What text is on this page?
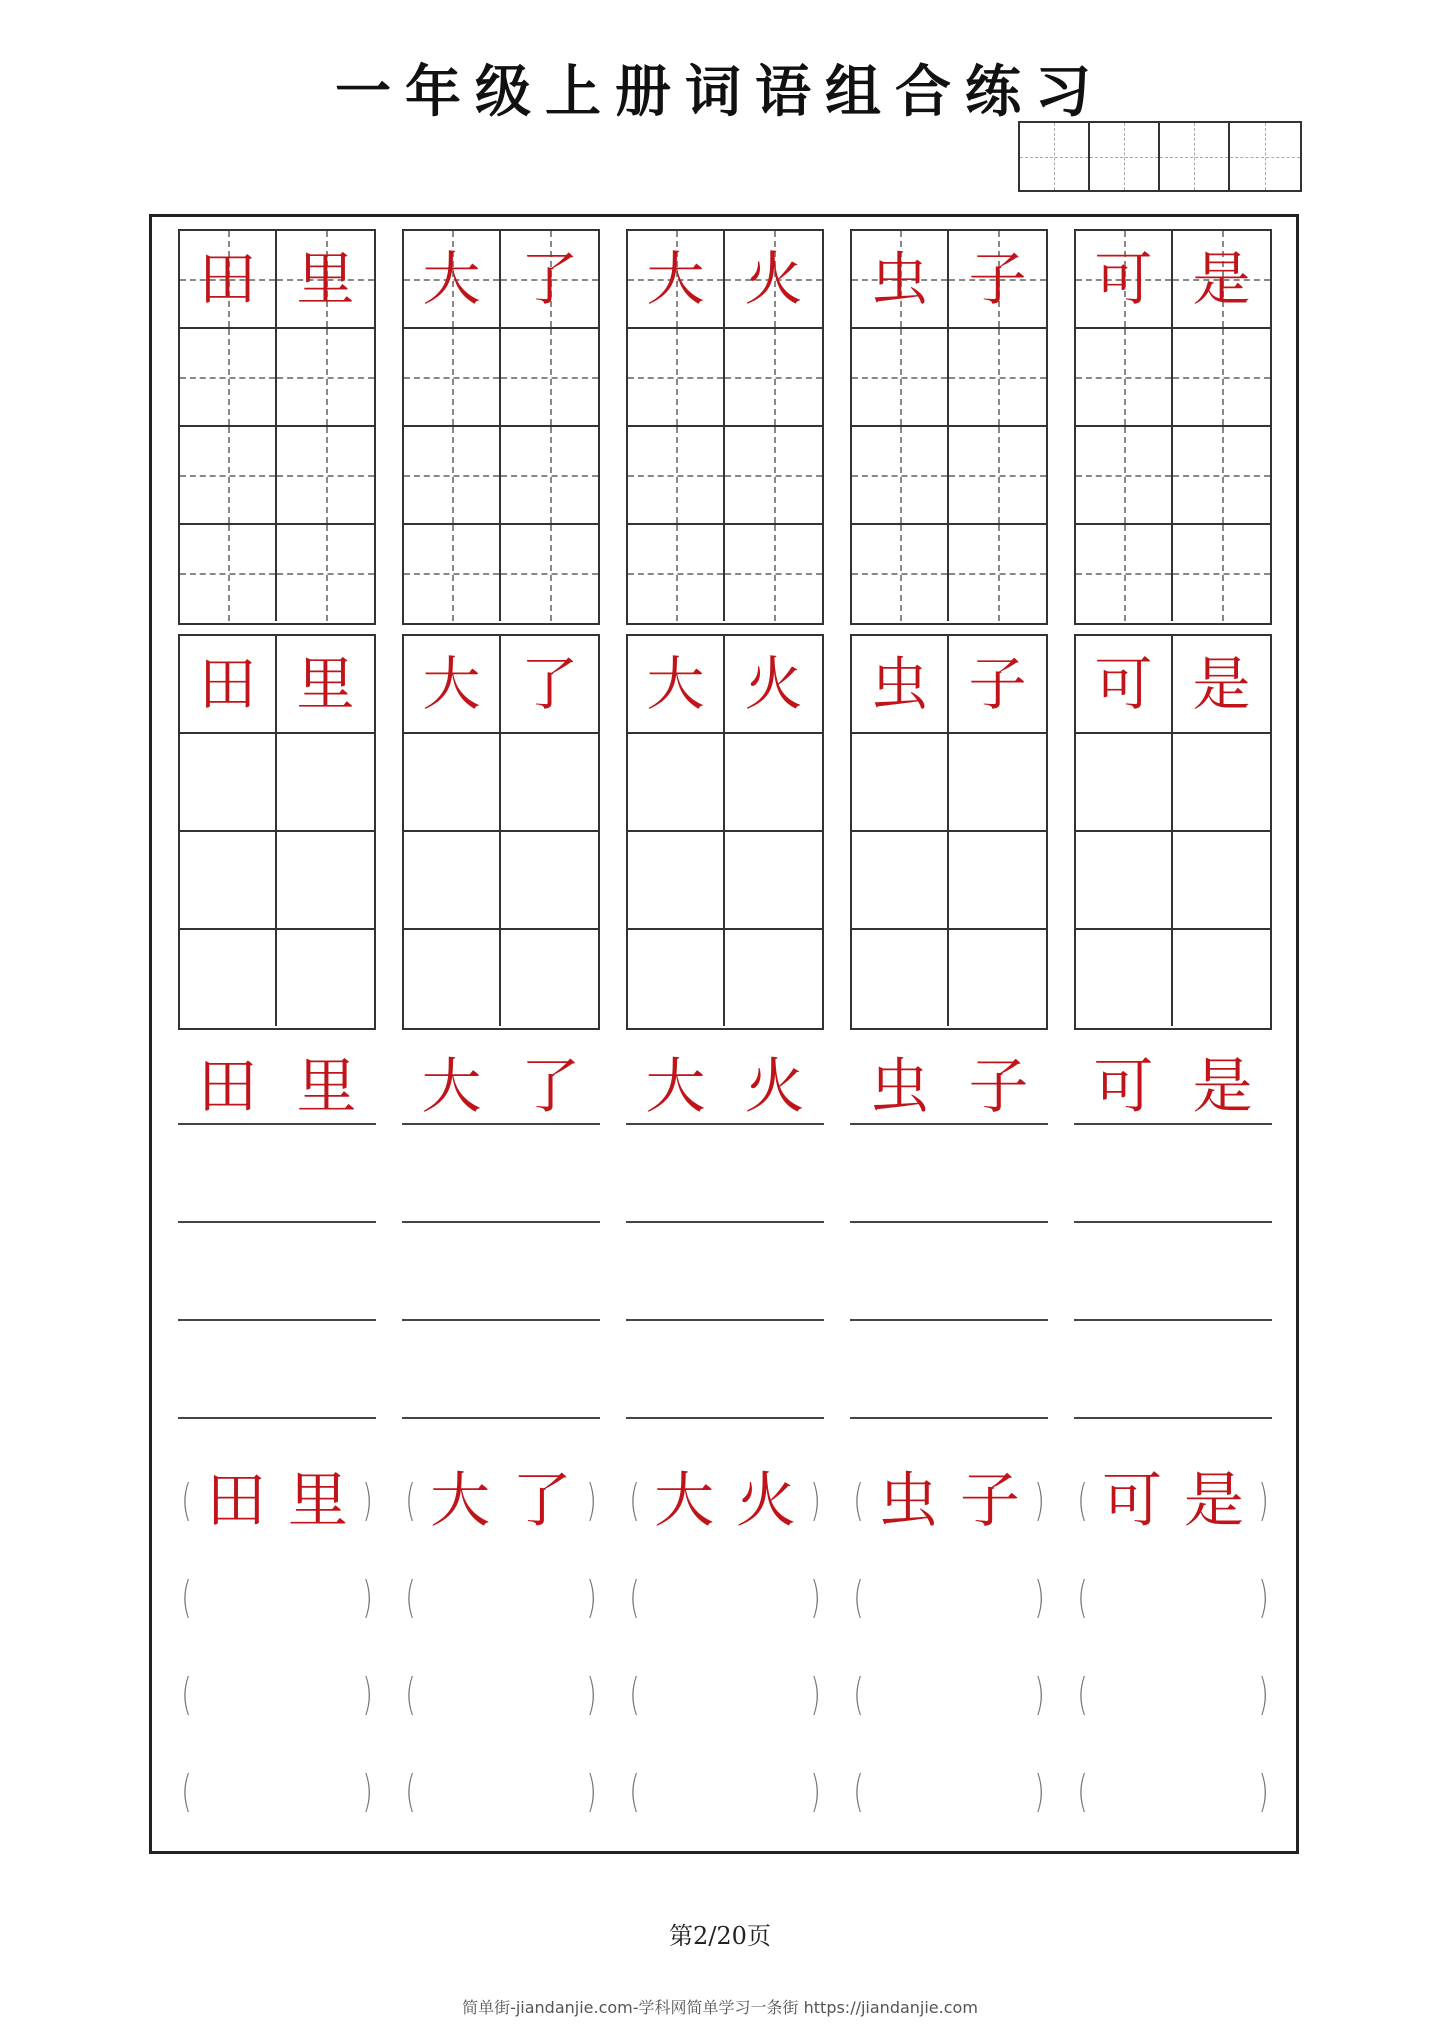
一年级上册词语组合练习
田 里
田 里
田 里
( 田 里 )
(	)
(	)
(	)
大 了
大 了
大 了
( 大 了 )
(	)
(	)
(	)
大 火
大 火
大 火
( 大 火 )
(	)
(	)
(	)
虫 子
虫 子
虫 子
( 虫 子 )
(	)
(	)
(	)
可 是
可 是
可 是
( 可 是 )
(	)
(	)
(	)
第2/20页
简单街-jiandanjie.com-学科网简单学习一条街 https://jiandanjie.com
